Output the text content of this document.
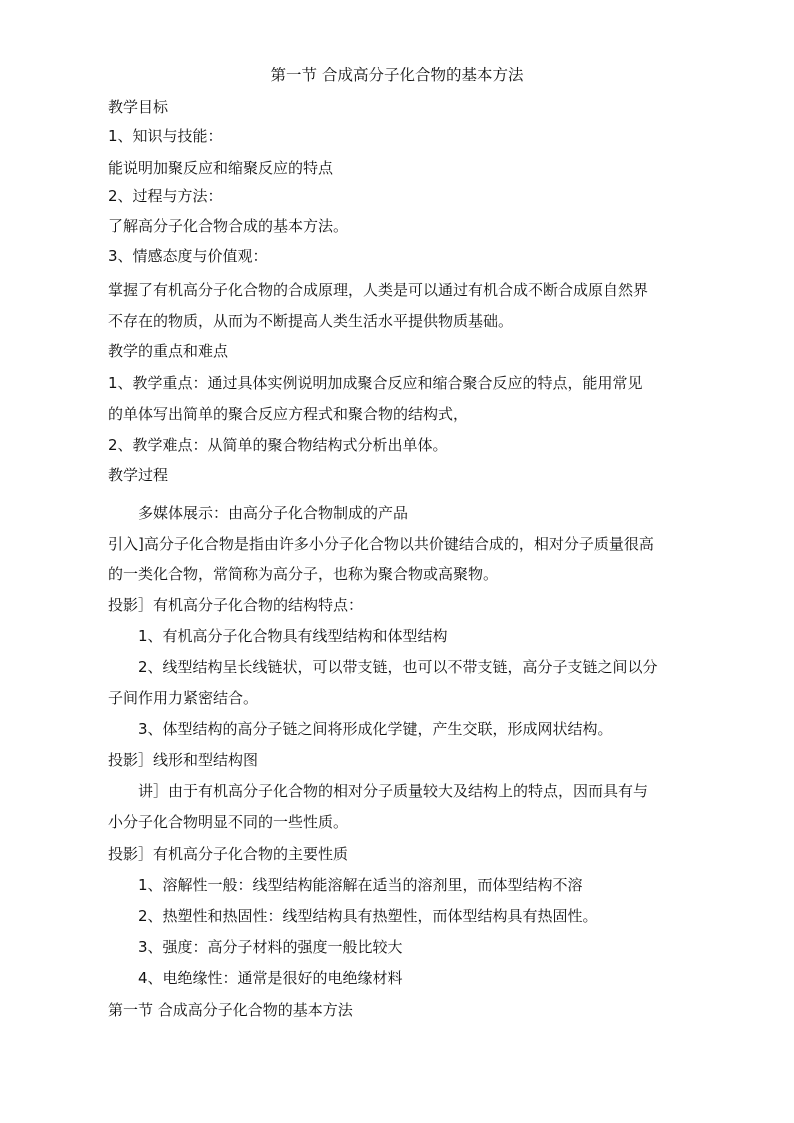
第一节 合成高分子化合物的基本方法
教学目标
1、知识与技能：
能说明加聚反应和缩聚反应的特点
2、过程与方法：
了解高分子化合物合成的基本方法。
3、情感态度与价值观：
掌握了有机高分子化合物的合成原理，人类是可以通过有机合成不断合成原自然界
不存在的物质，从而为不断提高人类生活水平提供物质基础。
教学的重点和难点
1、教学重点：通过具体实例说明加成聚合反应和缩合聚合反应的特点，能用常见
的单体写出简单的聚合反应方程式和聚合物的结构式，
2、教学难点：从简单的聚合物结构式分析出单体。
教学过程
多媒体展示：由高分子化合物制成的产品
引入]高分子化合物是指由许多小分子化合物以共价键结合成的，相对分子质量很高
的一类化合物，常简称为高分子，也称为聚合物或高聚物。
投影］有机高分子化合物的结构特点：
1、有机高分子化合物具有线型结构和体型结构
2、线型结构呈长线链状，可以带支链，也可以不带支链，高分子支链之间以分
子间作用力紧密结合。
3、体型结构的高分子链之间将形成化学键，产生交联，形成网状结构。
投影］线形和型结构图
讲］由于有机高分子化合物的相对分子质量较大及结构上的特点，因而具有与
小分子化合物明显不同的一些性质。
投影］有机高分子化合物的主要性质
1、溶解性一般：线型结构能溶解在适当的溶剂里，而体型结构不溶
2、热塑性和热固性：线型结构具有热塑性，而体型结构具有热固性。
3、强度：高分子材料的强度一般比较大
4、电绝缘性：通常是很好的电绝缘材料
第一节 合成高分子化合物的基本方法
